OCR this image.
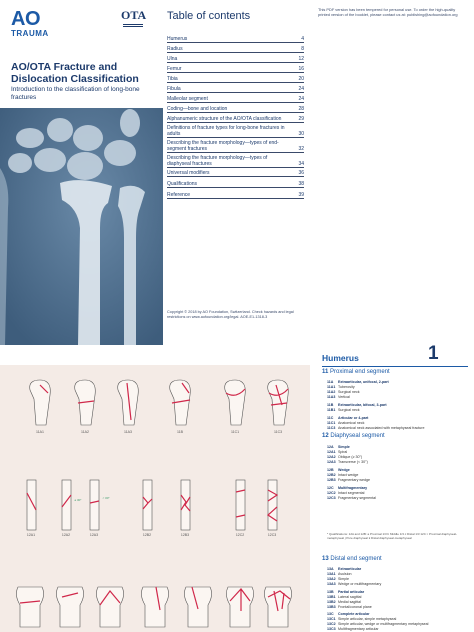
AO
TRAUMA
OTA
AO/OTA Fracture and Dislocation Classification
Introduction to the classification of long-bone fractures
Table of contents
Humerus	4
Radius	8
Ulna	12
Femur	16
Tibia	20
Fibula	24
Malleolar segment	24
Coding—bone and location	28
Alphanumeric structure of the AO/OTA classification	29
Definitions of fracture types for long-bone fractures in adults	30
Describing the fracture morphology—types of end-segment fractures	32
Describing the fracture morphology—types of diaphyseal fractures	34
Universal modifiers	36
Qualifications	38
Reference	39
Copyright © 2018 by AO Foundation, Switzerland. Check hazards and legal restrictions on www.aofoundation.org/legal. AOE-E1-1318-3
This PDF version has been tempered for personal use. To order the high-quality printed version of the booklet, please contact us at: publishing@aofoundation.org
11A1	11A2	11A3	11B	11C1	11C3
≥ 30°	< 30°
12A1	12A2	12A3	12B2	12B3	12C2	12C3
1
Humerus
11 Proximal end segment
11A Extraarticular, unifocal, 2-part
11A1 Tuberosity
11A2 Surgical neck
11A3 Vertical
11B Extraarticular, bifocal, 3-part
11B1 Surgical neck
11C Articular or 4-part
11C1 Anatomical neck
11C3 Anatomical neck associated with metaphyseal fracture
12 Diaphyseal segment
12A Simple
12A1 Spiral
12A2 Oblique (≥ 30°)
12A3 Transverse (< 30°)
12B Wedge
12B2 Intact wedge
12B3 Fragmentary wedge
12C Multifragmentary
12C2 Intact segmental
12C3 Fragmentary segmental
* Qualifications: 12A and 12B: a Proximal 1/3 b Middle 1/3 c Distal 1/3 12C: i Proximal diaphyseal-metaphyseal j Pure diaphyseal k Distal diaphyseal-metaphyseal
13 Distal end segment
13A Extraarticular
13A1 Avulsion
13A2 Simple
13A3 Wedge or multifragmentary
13B Partial articular
13B1 Lateral sagittal
13B2 Medial sagittal
13B3 Frontal/coronal plane
13C Complete articular
13C1 Simple articular, simple metaphyseal
13C2 Simple articular, wedge or multifragmentary metaphyseal
13C3 Multifragmentary articular
